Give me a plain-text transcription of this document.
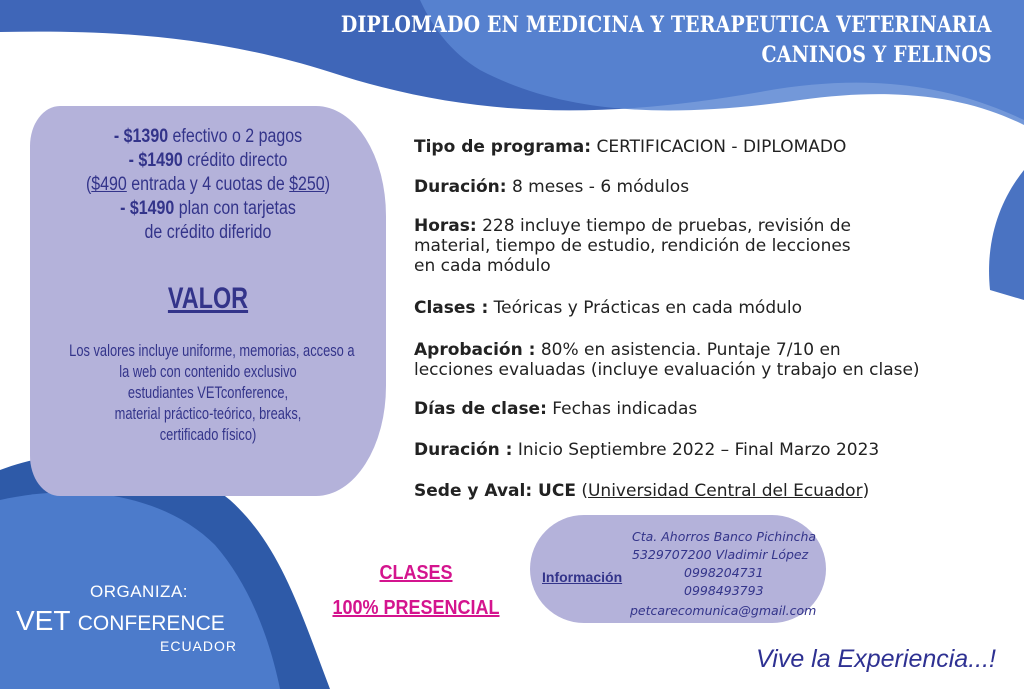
DIPLOMADO EN MEDICINA Y TERAPEUTICA VETERINARIA
CANINOS Y FELINOS
- $1390 efectivo o 2 pagos
- $1490 crédito directo
($490 entrada y 4 cuotas de $250)
- $1490 plan con tarjetas
de crédito diferido
VALOR
Los valores incluye uniforme, memorias, acceso a
la web con contenido exclusivo
estudiantes VETconference,
material práctico-teórico, breaks,
certificado físico)
Tipo de programa: CERTIFICACION - DIPLOMADO
Duración: 8 meses - 6 módulos
Horas: 228 incluye tiempo de pruebas, revisión de
material, tiempo de estudio, rendición de lecciones
en cada módulo
Clases : Teóricas y Prácticas en cada módulo
Aprobación : 80% en asistencia. Puntaje 7/10 en
lecciones evaluadas (incluye evaluación y trabajo en clase)
Días de clase: Fechas indicadas
Duración : Inicio Septiembre 2022 – Final Marzo 2023
Sede y Aval: UCE (Universidad Central del Ecuador)
Información
Cta. Ahorros Banco Pichincha
5329707200 Vladimir López
0998204731
0998493793
petcarecomunica@gmail.com
CLASES
100% PRESENCIAL
ORGANIZA:
VET CONFERENCE
ECUADOR	Vive la Experiencia...!
